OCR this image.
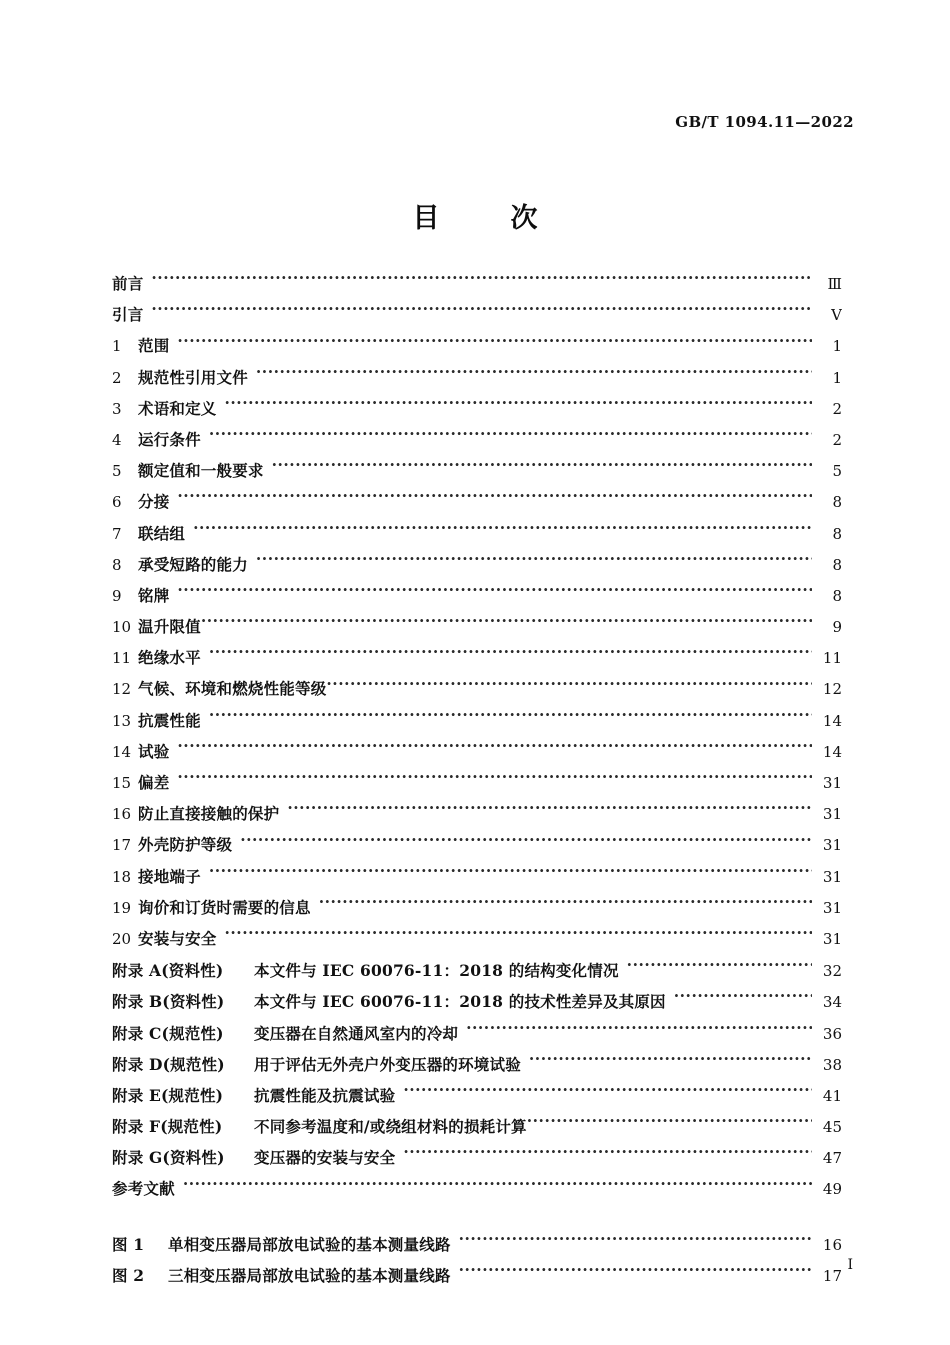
GB/T 1094.11—2022
目　次
前言 ·····	Ⅲ
引言 ·····	Ⅴ
1	范围 ·····	1
2	规范性引用文件 ·····	1
3	术语和定义 ·····	2
4	运行条件 ·····	2
5	额定值和一般要求 ·····	5
6	分接 ·····	8
7	联结组 ·····	8
8	承受短路的能力 ·····	8
9	铭牌 ·····	8
10 温升限值 ·····	9
11 绝缘水平 ·····	11
12 气候、环境和燃烧性能等级 ·····	12
13 抗震性能 ·····	14
14 试验 ·····	14
15 偏差 ·····	31
16 防止直接接触的保护 ·····	31
17 外壳防护等级 ·····	31
18 接地端子 ·····	31
19 询价和订货时需要的信息 ·····	31
20 安装与安全 ·····	31
附录 A(资料性)	本文件与 IEC 60076-11：2018 的结构变化情况 ·····	32
附录 B(资料性)	本文件与 IEC 60076-11：2018 的技术性差异及其原因 ·····	34
附录 C(规范性)	变压器在自然通风室内的冷却 ·····	36
附录 D(规范性)	用于评估无外壳户外变压器的环境试验 ·····	38
附录 E(规范性)	抗震性能及抗震试验 ·····	41
附录 F(规范性)	不同参考温度和/或绕组材料的损耗计算 ·····	45
附录 G(资料性)	变压器的安装与安全 ·····	47
参考文献 ·····	49
图 1	单相变压器局部放电试验的基本测量线路 ·····	16
图 2	三相变压器局部放电试验的基本测量线路 ·····	17
I
